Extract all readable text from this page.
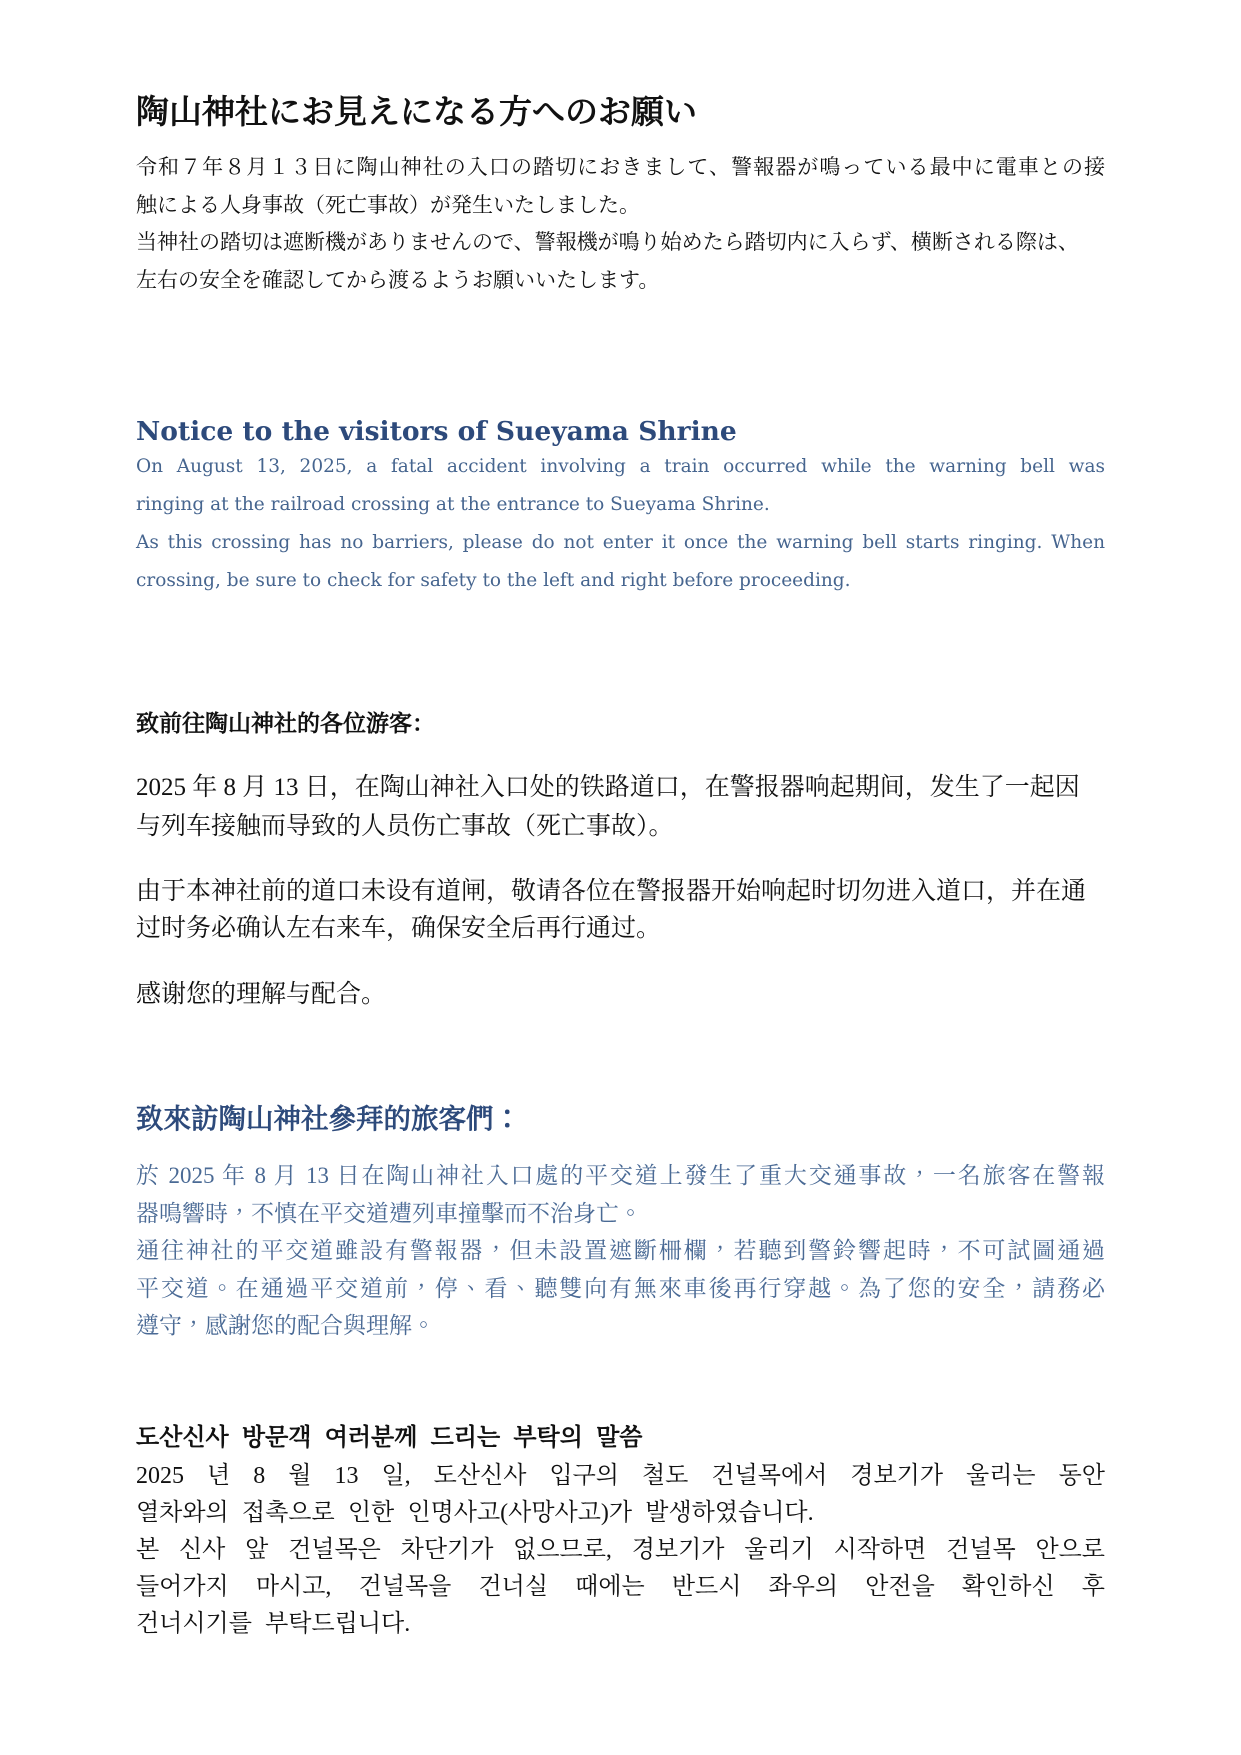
陶山神社にお見えになる方へのお願い

令和７年８月１３日に陶山神社の入口の踏切におきまして、警報器が鳴っている最中に電車との接
触による人身事故（死亡事故）が発生いたしました。

当神社の踏切は遮断機がありませんので、警報機が鳴り始めたら踏切内に入らず、横断される際は、
左右の安全を確認してから渡るようお願いいたします。

Notice to the visitors of Sueyama Shrine

On August 13, 2025, a fatal accident involving a train occurred while the warning bell was
ringing at the railroad crossing at the entrance to Sueyama Shrine.

As this crossing has no barriers, please do not enter it once the warning bell starts ringing. When
crossing, be sure to check for safety to the left and right before proceeding.

致前往陶山神社的各位游客：

2025 年 8 月 13 日，在陶山神社入口处的铁路道口，在警报器响起期间，发生了一起因
与列车接触而导致的人员伤亡事故（死亡事故）。

由于本神社前的道口未设有道闸，敬请各位在警报器开始响起时切勿进入道口，并在通
过时务必确认左右来车，确保安全后再行通过。

感谢您的理解与配合。

致來訪陶山神社參拜的旅客們：

於 2025 年 8 月 13 日在陶山神社入口處的平交道上發生了重大交通事故，一名旅客在警報
器鳴響時，不慎在平交道遭列車撞擊而不治身亡。

通往神社的平交道雖設有警報器，但未設置遮斷柵欄，若聽到警鈴響起時，不可試圖通過
平交道。在通過平交道前，停、看、聽雙向有無來車後再行穿越。為了您的安全，請務必
遵守，感謝您的配合與理解。

도산신사 방문객 여러분께 드리는 부탁의 말씀

2025 년 8 월 13 일, 도산신사 입구의 철도 건널목에서 경보기가 울리는 동안
열차와의 접촉으로 인한 인명사고(사망사고)가 발생하였습니다.

본 신사 앞 건널목은 차단기가 없으므로, 경보기가 울리기 시작하면 건널목 안으로
들어가지 마시고, 건널목을 건너실 때에는 반드시 좌우의 안전을 확인하신 후
건너시기를 부탁드립니다.
